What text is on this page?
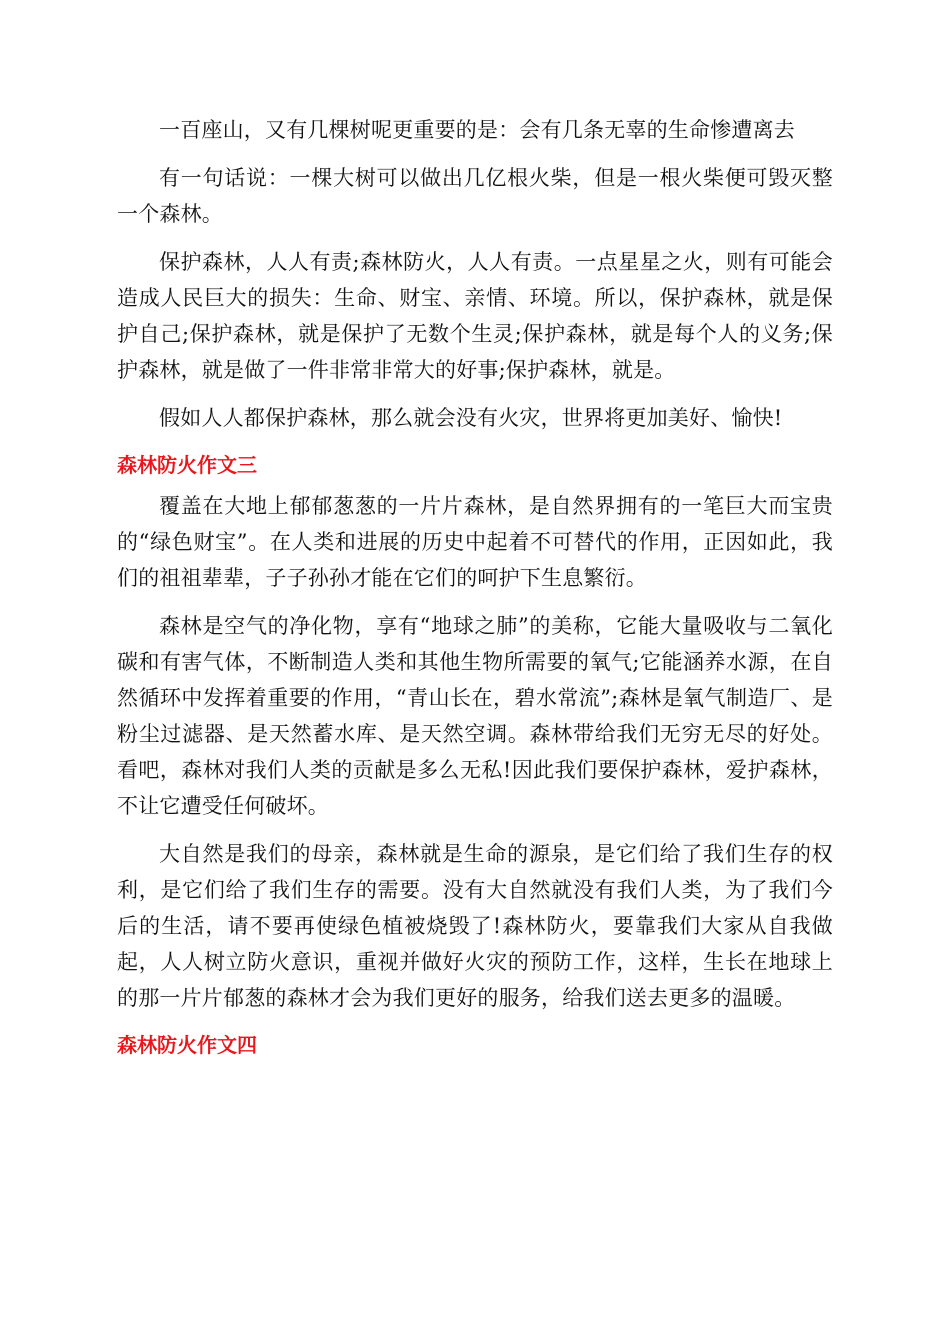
一百座山，又有几棵树呢更重要的是：会有几条无辜的生命惨遭离去

有一句话说：一棵大树可以做出几亿根火柴，但是一根火柴便可毁灭整一个森林。

保护森林，人人有责;森林防火，人人有责。一点星星之火，则有可能会造成人民巨大的损失：生命、财宝、亲情、环境。所以，保护森林，就是保护自己;保护森林，就是保护了无数个生灵;保护森林，就是每个人的义务;保护森林，就是做了一件非常非常大的好事;保护森林，就是。

假如人人都保护森林，那么就会没有火灾，世界将更加美好、愉快!

森林防火作文三

覆盖在大地上郁郁葱葱的一片片森林，是自然界拥有的一笔巨大而宝贵的“绿色财宝”。在人类和进展的历史中起着不可替代的作用，正因如此，我们的祖祖辈辈，子子孙孙才能在它们的呵护下生息繁衍。

森林是空气的净化物，享有“地球之肺”的美称，它能大量吸收与二氧化碳和有害气体，不断制造人类和其他生物所需要的氧气;它能涵养水源，在自然循环中发挥着重要的作用，“青山长在，碧水常流”;森林是氧气制造厂、是粉尘过滤器、是天然蓄水库、是天然空调。森林带给我们无穷无尽的好处。看吧，森林对我们人类的贡献是多么无私!因此我们要保护森林，爱护森林，不让它遭受任何破坏。

大自然是我们的母亲，森林就是生命的源泉，是它们给了我们生存的权利，是它们给了我们生存的需要。没有大自然就没有我们人类，为了我们今后的生活，请不要再使绿色植被烧毁了!森林防火，要靠我们大家从自我做起，人人树立防火意识，重视并做好火灾的预防工作，这样，生长在地球上的那一片片郁葱的森林才会为我们更好的服务，给我们送去更多的温暖。

森林防火作文四
